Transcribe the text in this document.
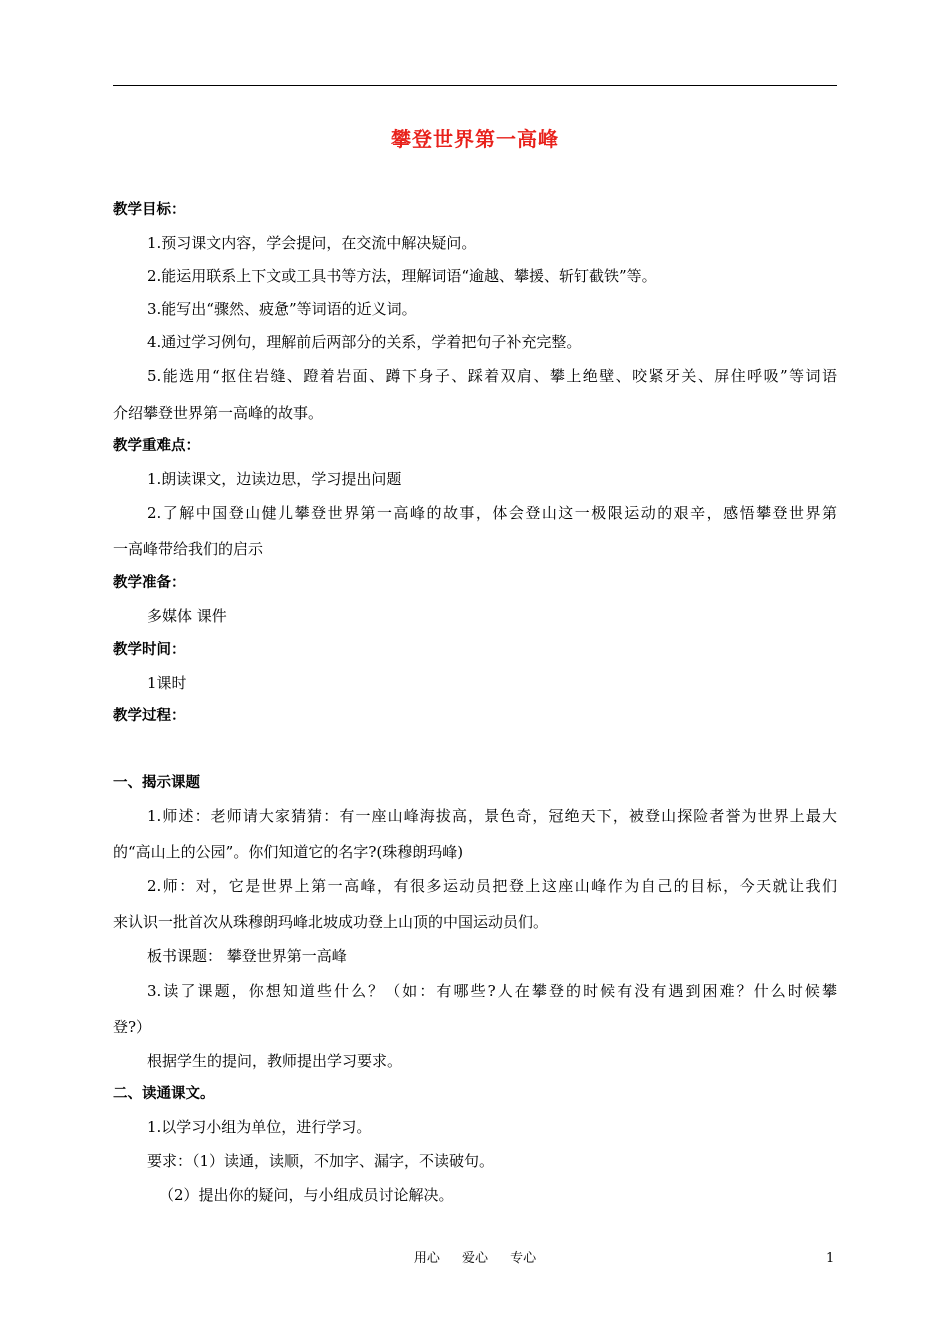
攀登世界第一高峰
教学目标：
1.预习课文内容，学会提问，在交流中解决疑问。
2.能运用联系上下文或工具书等方法，理解词语“逾越、攀援、斩钉截铁”等。
3.能写出“骤然、疲惫”等词语的近义词。
4.通过学习例句，理解前后两部分的关系，学着把句子补充完整。
5.能选用“抠住岩缝、蹬着岩面、蹲下身子、踩着双肩、攀上绝壁、咬紧牙关、屏住呼吸”等词语
介绍攀登世界第一高峰的故事。
教学重难点：
1.朗读课文，边读边思，学习提出问题
2.了解中国登山健儿攀登世界第一高峰的故事，体会登山这一极限运动的艰辛，感悟攀登世界第
一高峰带给我们的启示
教学准备：
多媒体 课件
教学时间：
1课时
教学过程：
一、揭示课题
1.师述：老师请大家猜猜：有一座山峰海拔高，景色奇，冠绝天下，被登山探险者誉为世界上最大
的“高山上的公园”。你们知道它的名字?(珠穆朗玛峰)
2.师：对，它是世界上第一高峰，有很多运动员把登上这座山峰作为自己的目标，今天就让我们
来认识一批首次从珠穆朗玛峰北坡成功登上山顶的中国运动员们。
板书课题： 攀登世界第一高峰
3.读了课题，你想知道些什么？（如：有哪些?人在攀登的时候有没有遇到困难？什么时候攀
登?）
根据学生的提问，教师提出学习要求。
二、读通课文。
1.以学习小组为单位，进行学习。
要求：（1）读通，读顺，不加字、漏字，不读破句。
（2）提出你的疑问，与小组成员讨论解决。
用心 爱心 专心	1
